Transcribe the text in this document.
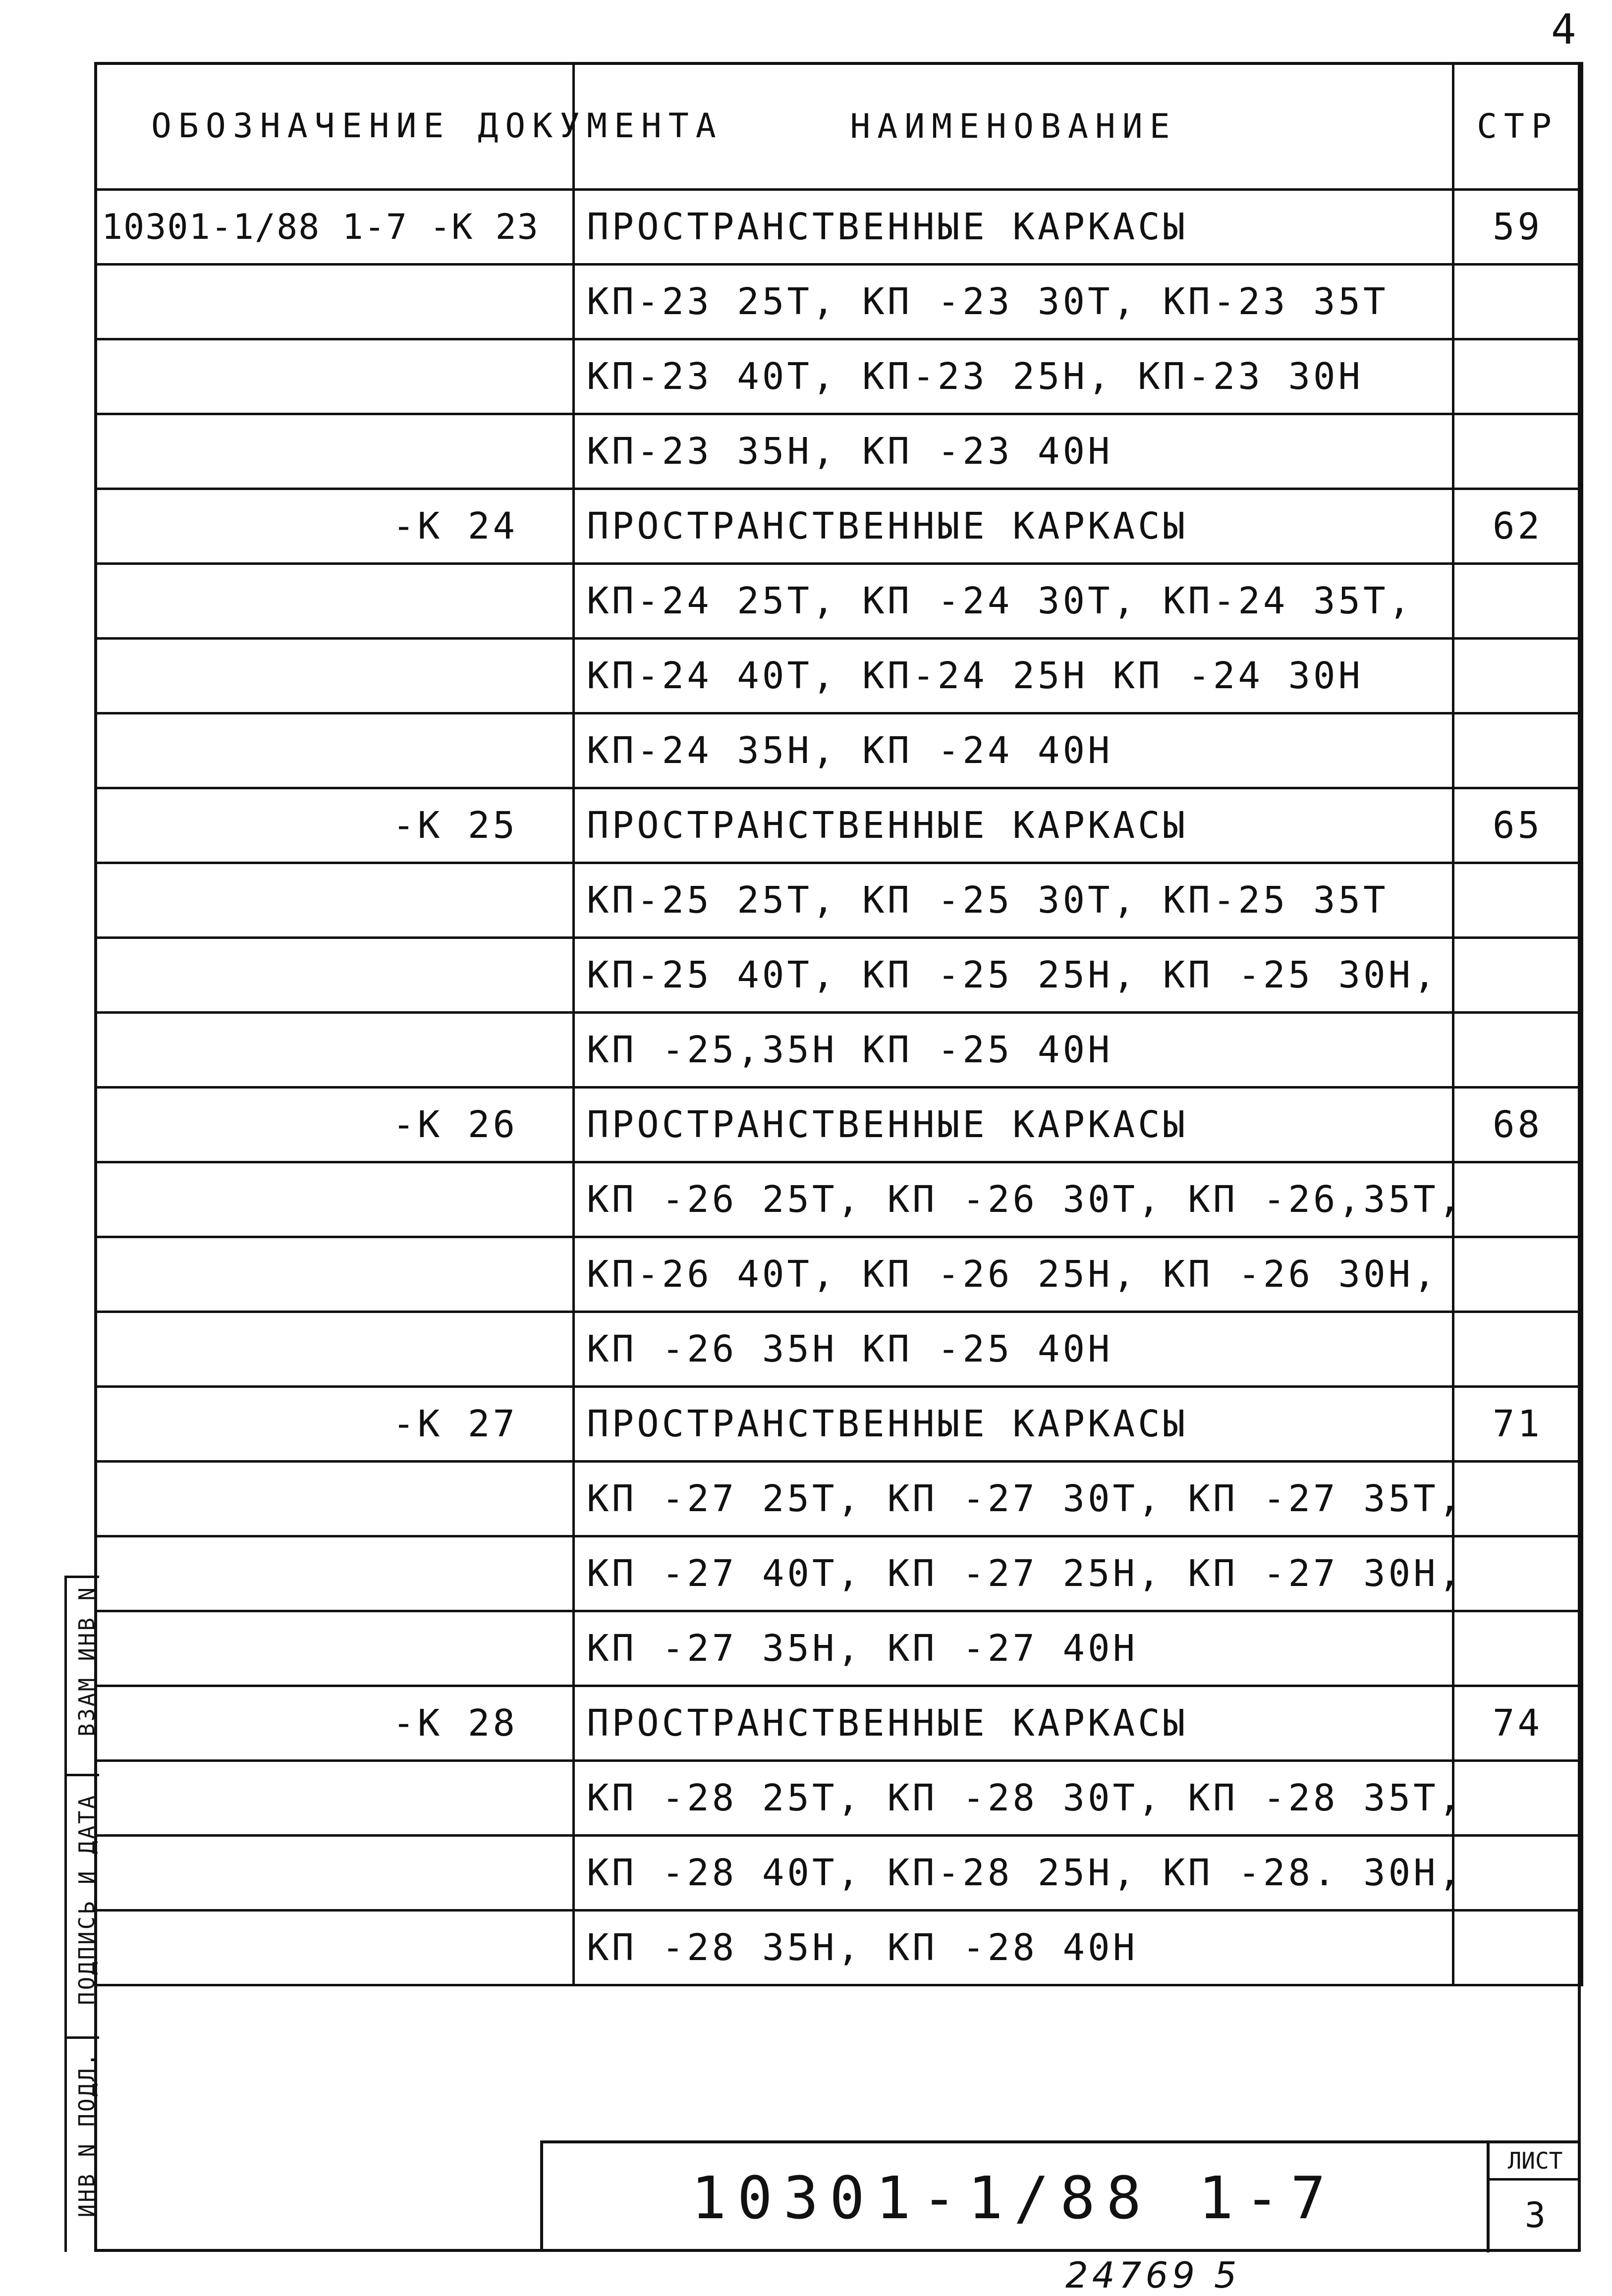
4
ОБОЗНАЧЕНИЕ ДОКУМЕНТА	НАИМЕНОВАНИЕ	СТР
10301-1/88 1-7 -К 23	ПРОСТРАНСТВЕННЫЕ КАРКАСЫ	59
	КП-23 25Т, КП -23 30Т, КП-23 35Т	
	КП-23 40Т, КП-23 25Н, КП-23 30Н	
	КП-23 35Н, КП -23 40Н	
-К 24	ПРОСТРАНСТВЕННЫЕ КАРКАСЫ	62
	КП-24 25Т, КП -24 30Т, КП-24 35Т,	
	КП-24 40Т, КП-24 25Н КП -24 30Н	
	КП-24 35Н, КП -24 40Н	
-К 25	ПРОСТРАНСТВЕННЫЕ КАРКАСЫ	65
	КП-25 25Т, КП -25 30Т, КП-25 35Т	
	КП-25 40Т, КП -25 25Н, КП -25 30Н,	
	КП -25,35Н КП -25 40Н	
-К 26	ПРОСТРАНСТВЕННЫЕ КАРКАСЫ	68
	КП -26 25Т, КП -26 30Т, КП -26,35Т,	
	КП-26 40Т, КП -26 25Н, КП -26 30Н,	
	КП -26 35Н КП -25 40Н	
-К 27	ПРОСТРАНСТВЕННЫЕ КАРКАСЫ	71
	КП -27 25Т, КП -27 30Т, КП -27 35Т,	
	КП -27 40Т, КП -27 25Н, КП -27 30Н,	
	КП -27 35Н, КП -27 40Н	
-К 28	ПРОСТРАНСТВЕННЫЕ КАРКАСЫ	74
	КП -28 25Т, КП -28 30Т, КП -28 35Т,	
	КП -28 40Т, КП-28 25Н, КП -28. 30Н,	
	КП -28 35Н, КП -28 40Н	
ВЗАМ ИНВ N
ПОДПИСЬ И ДАТА
ИНВ N ПОДЛ.	10301-1/88 1-7
ЛИСТ
3
24769 5
